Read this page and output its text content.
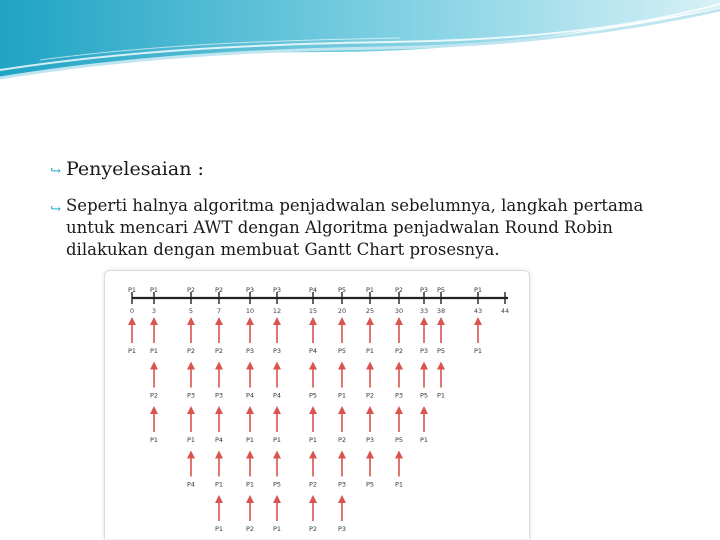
↪ Penyelesaian :
↪ Seperti halnya algoritma penjadwalan sebelumnya, langkah pertama untuk mencari AWT dengan Algoritma penjadwalan Round Robin dilakukan dengan membuat Gantt Chart prosesnya.
P1
0
P1
P1
3
P1
P2
P1
P2
5
P2
P3
P1
P4
P2
7
P2
P3
P4
P1
P1
P3
10
P3
P4
P1
P1
P2
P3
12
P3
P4
P1
P5
P1
P4
15
P4
P5
P1
P2
P2
P5
20
P5
P1
P2
P3
P3
P1
25
P1
P2
P3
P5
P2
30
P2
P3
P5
P1
P3
33
P3
P5
P1
P5
38
P5
P1
P1
43
P1
44
